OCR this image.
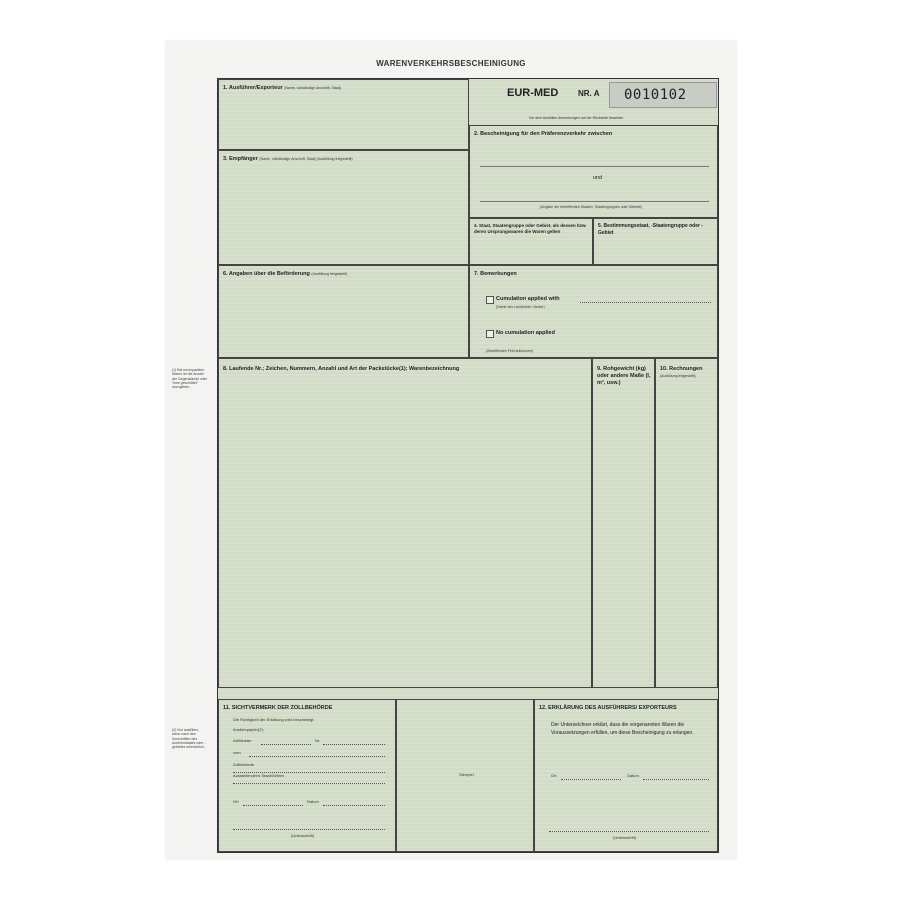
WARENVERKEHRSBESCHEINIGUNG
(1) Bei unverpackten Waren ist die Anzahl der Gegenstände oder "lose geschüttet" anzugeben.
(2) Nur ausfüllen, wenn nach den Vorschriften des Ausfuhrstaates oder -gebietes erforderlich.
1. Ausführer/Exporteur (Name, vollständige Anschrift, Staat)	EUR-MED NR. A 0010102
Vor dem Ausfüllen Anmerkungen auf der Rückseite beachten
2. Bescheinigung für den Präferenzverkehr zwischen
und
(Angabe der betreffenden Staaten, Staatengruppen oder Gebiete)
3. Empfänger (Name, vollständige Anschrift, Staat) (Ausfüllung freigestellt)
4. Staat, Staatengruppe oder Gebiet, als dessen bzw. deren Ursprungswaren die Waren gelten
5. Bestimmungsstaat, -Staatengruppe oder -Gebiet
6. Angaben über die Beförderung (Ausfüllung freigestellt)	7. Bemerkungen
Cumulation applied with
(Name des Landes/der Länder)
No cumulation applied
(Zutreffendes Feld ankreuzen)
8. Laufende Nr.; Zeichen, Nummern, Anzahl und Art der Packstücke(1); Warenbezeichnung	9. Rohgewicht (kg) oder andere Maße (l, m³, usw.)
10. Rechnungen
(Ausfüllung freigestellt)
11. SICHTVERMERK DER ZOLLBEHÖRDE
Die Richtigkeit der Erklärung wird bescheinigt
Ausfuhrpapier(2):
Art/Muster	Nr.
vom
Zollbehörde
Ausstellender/s Staat/Gebiet
Ort	Datum
(Unterschrift)
Stempel
12. ERKLÄRUNG DES AUSFÜHRERS/ EXPORTEURS
Der Unterzeichner erklärt, dass die vorgenannten Waren die Voraussetzungen erfüllen, um diese Bescheinigung zu erlangen.
Ort	Datum
(Unterschrift)
